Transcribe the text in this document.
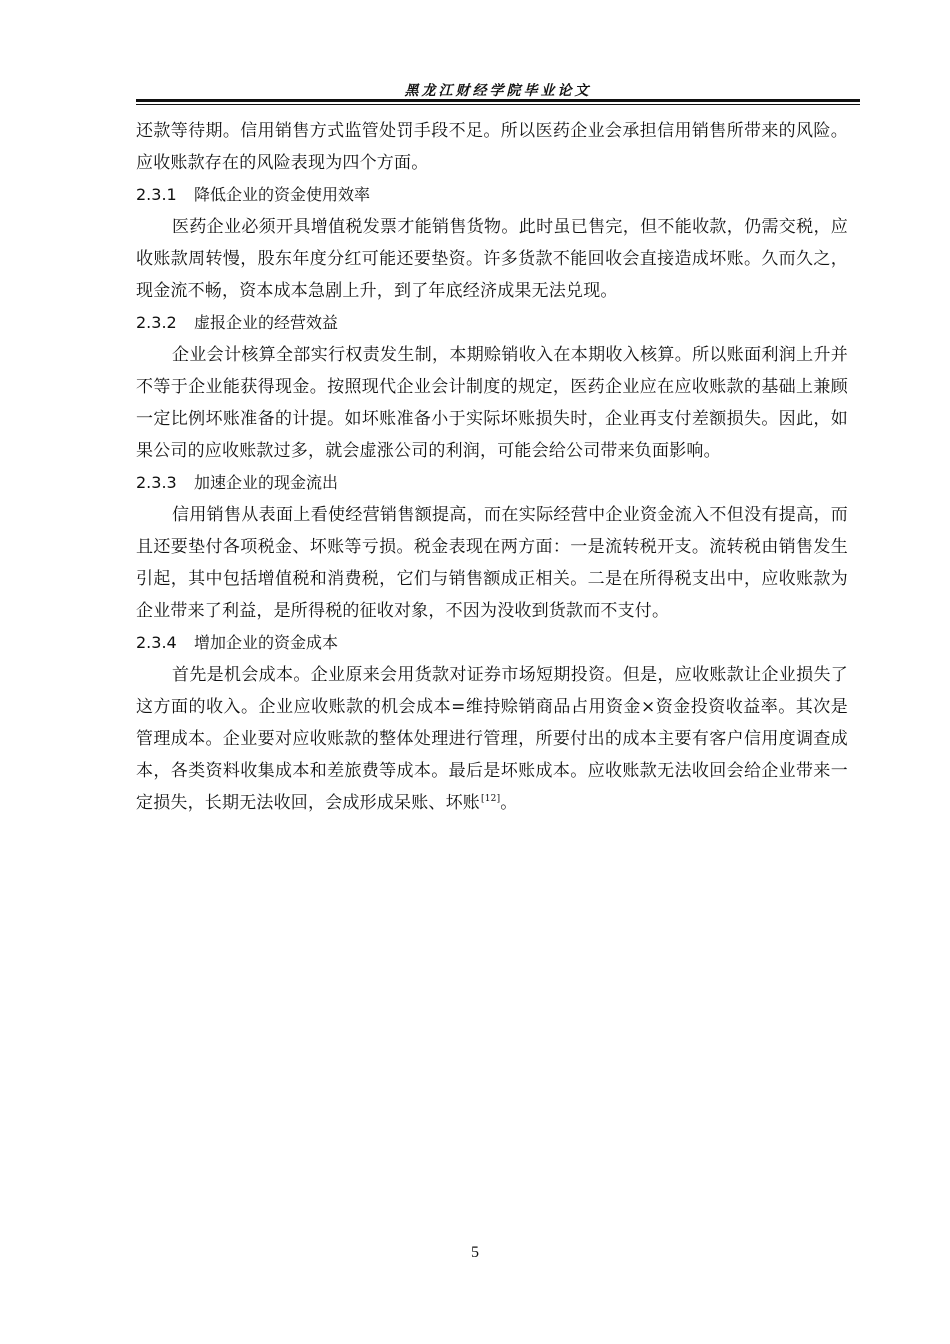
黑龙江财经学院毕业论文

还款等待期。信用销售方式监管处罚手段不足。所以医药企业会承担信用销售所带来的风险。应收账款存在的风险表现为四个方面。

2.3.1 降低企业的资金使用效率

医药企业必须开具增值税发票才能销售货物。此时虽已售完，但不能收款，仍需交税，应收账款周转慢，股东年度分红可能还要垫资。许多货款不能回收会直接造成坏账。久而久之，现金流不畅，资本成本急剧上升，到了年底经济成果无法兑现。

2.3.2 虚报企业的经营效益

企业会计核算全部实行权责发生制，本期赊销收入在本期收入核算。所以账面利润上升并不等于企业能获得现金。按照现代企业会计制度的规定，医药企业应在应收账款的基础上兼顾一定比例坏账准备的计提。如坏账准备小于实际坏账损失时，企业再支付差额损失。因此，如果公司的应收账款过多，就会虚涨公司的利润，可能会给公司带来负面影响。

2.3.3 加速企业的现金流出

信用销售从表面上看使经营销售额提高，而在实际经营中企业资金流入不但没有提高，而且还要垫付各项税金、坏账等亏损。税金表现在两方面：一是流转税开支。流转税由销售发生引起，其中包括增值税和消费税，它们与销售额成正相关。二是在所得税支出中，应收账款为企业带来了利益，是所得税的征收对象，不因为没收到货款而不支付。

2.3.4 增加企业的资金成本

首先是机会成本。企业原来会用货款对证券市场短期投资。但是，应收账款让企业损失了这方面的收入。企业应收账款的机会成本=维持赊销商品占用资金×资金投资收益率。其次是管理成本。企业要对应收账款的整体处理进行管理，所要付出的成本主要有客户信用度调查成本，各类资料收集成本和差旅费等成本。最后是坏账成本。应收账款无法收回会给企业带来一定损失，长期无法收回，会成形成呆账、坏账[12]。

5
